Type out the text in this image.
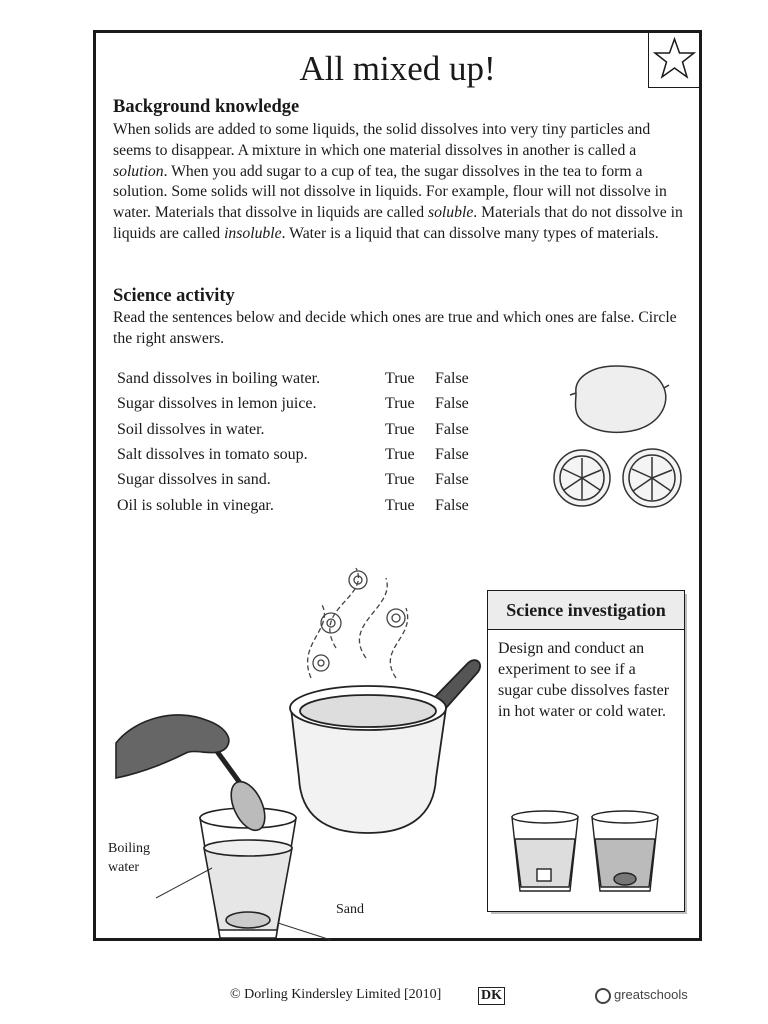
All mixed up!
Background knowledge

When solids are added to some liquids, the solid dissolves into very tiny particles and seems to disappear. A mixture in which one material dissolves in another is called a solution. When you add sugar to a cup of tea, the sugar dissolves in the tea to form a solution. Some solids will not dissolve in liquids. For example, flour will not dissolve in water. Materials that dissolve in liquids are called soluble. Materials that do not dissolve in liquids are called insoluble. Water is a liquid that can dissolve many types of materials.

Science activity

Read the sentences below and decide which ones are true and which ones are false. Circle the right answers.

Sand dissolves in boiling water.	True False
Sugar dissolves in lemon juice.	True False
Soil dissolves in water.	True False
Salt dissolves in tomato soup.	True False
Sugar dissolves in sand.	True False
Oil is soluble in vinegar.	True False
Boiling
water
Sand
Science investigation
Design and conduct an experiment to see if a sugar cube dissolves faster in hot water or cold water.
© Dorling Kindersley Limited [2010]	DK	greatschools
